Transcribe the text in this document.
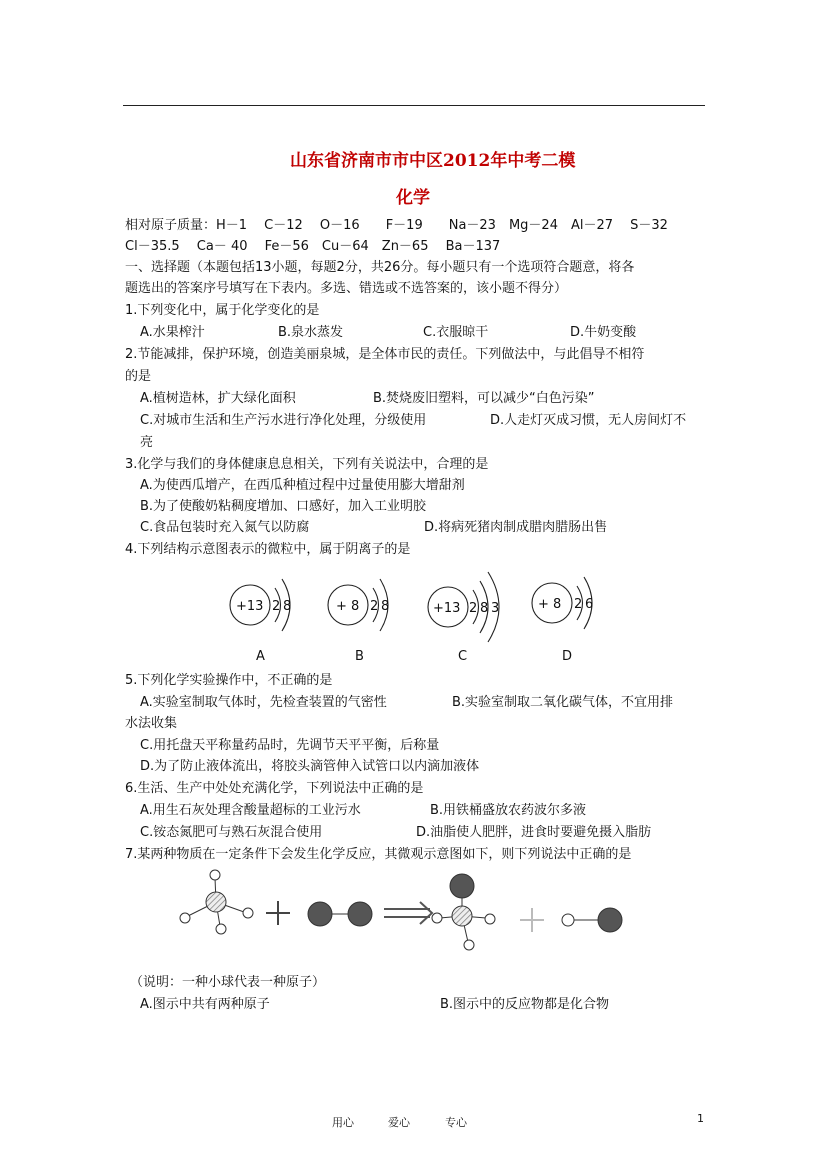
山东省济南市市中区2012年中考二模
化学
相对原子质量：H－1　 C－12　 O－16　　F－19　　Na－23　Mg－24　Al－27　 S－32
Cl－35.5　 Ca－ 40　 Fe－56　Cu－64　Zn－65　 Ba－137
一、选择题（本题包括13小题，每题2分，共26分。每小题只有一个选项符合题意，将各
题选出的答案序号填写在下表内。多选、错选或不选答案的，该小题不得分）
1.下列变化中，属于化学变化的是
A.水果榨汁	B.泉水蒸发	C.衣服晾干	D.牛奶变酸
2.节能减排，保护环境，创造美丽泉城，是全体市民的责任。下列做法中，与此倡导不相符
的是
A.植树造林，扩大绿化面积	B.焚烧废旧塑料，可以减少“白色污染”
C.对城市生活和生产污水进行净化处理，分级使用	D.人走灯灭成习惯，无人房间灯不
亮
3.化学与我们的身体健康息息相关，下列有关说法中，合理的是
A.为使西瓜增产，在西瓜种植过程中过量使用膨大增甜剂
B.为了使酸奶粘稠度增加、口感好，加入工业明胶
C.食品包装时充入氮气以防腐	D.将病死猪肉制成腊肉腊肠出售
4.下列结构示意图表示的微粒中，属于阴离子的是
+13 2 8
A
+ 8 2 8
B
+13 2 8 3
C
+ 8 2 6
D
5.下列化学实验操作中，不正确的是
A.实验室制取气体时，先检查装置的气密性	B.实验室制取二氧化碳气体，不宜用排
水法收集
C.用托盘天平称量药品时，先调节天平平衡，后称量
D.为了防止液体流出，将胶头滴管伸入试管口以内滴加液体
6.生活、生产中处处充满化学，下列说法中正确的是
A.用生石灰处理含酸量超标的工业污水	B.用铁桶盛放农药波尔多液
C.铵态氮肥可与熟石灰混合使用	D.油脂使人肥胖，进食时要避免摄入脂肪
7.某两种物质在一定条件下会发生化学反应，其微观示意图如下，则下列说法中正确的是
（说明：一种小球代表一种原子）
A.图示中共有两种原子	B.图示中的反应物都是化合物
用心	爱心	专心	1
